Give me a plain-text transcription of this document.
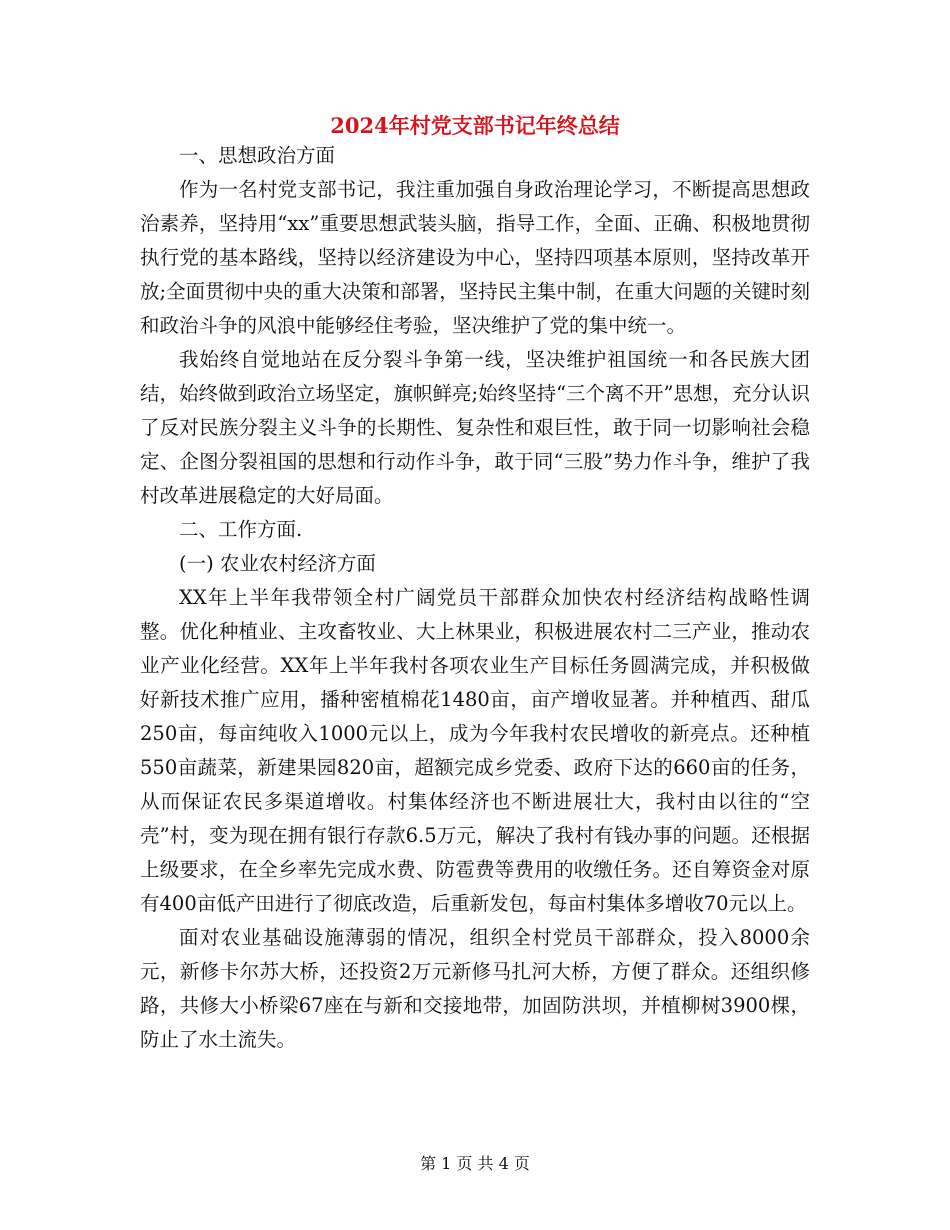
2024年村党支部书记年终总结

一、思想政治方面

作为一名村党支部书记，我注重加强自身政治理论学习，不断提高思想政治素养，坚持用“xx”重要思想武装头脑，指导工作，全面、正确、积极地贯彻执行党的基本路线，坚持以经济建设为中心，坚持四项基本原则，坚持改革开放;全面贯彻中央的重大决策和部署，坚持民主集中制，在重大问题的关键时刻和政治斗争的风浪中能够经住考验，坚决维护了党的集中统一。

我始终自觉地站在反分裂斗争第一线，坚决维护祖国统一和各民族大团结，始终做到政治立场坚定，旗帜鲜亮;始终坚持“三个离不开”思想，充分认识了反对民族分裂主义斗争的长期性、复杂性和艰巨性，敢于同一切影响社会稳定、企图分裂祖国的思想和行动作斗争，敢于同“三股”势力作斗争，维护了我村改革进展稳定的大好局面。

二、工作方面.

(一) 农业农村经济方面

XX年上半年我带领全村广阔党员干部群众加快农村经济结构战略性调整。优化种植业、主攻畜牧业、大上林果业，积极进展农村二三产业，推动农业产业化经营。XX年上半年我村各项农业生产目标任务圆满完成，并积极做好新技术推广应用，播种密植棉花1480亩，亩产增收显著。并种植西、甜瓜250亩，每亩纯收入1000元以上，成为今年我村农民增收的新亮点。还种植550亩蔬菜，新建果园820亩，超额完成乡党委、政府下达的660亩的任务，从而保证农民多渠道增收。村集体经济也不断进展壮大，我村由以往的“空壳”村，变为现在拥有银行存款6.5万元，解决了我村有钱办事的问题。还根据上级要求，在全乡率先完成水费、防雹费等费用的收缴任务。还自筹资金对原有400亩低产田进行了彻底改造，后重新发包，每亩村集体多增收70元以上。

面对农业基础设施薄弱的情况，组织全村党员干部群众，投入8000余元，新修卡尔苏大桥，还投资2万元新修马扎河大桥，方便了群众。还组织修路，共修大小桥梁67座在与新和交接地带，加固防洪坝，并植柳树3900棵，防止了水土流失。

第 1 页 共 4 页
